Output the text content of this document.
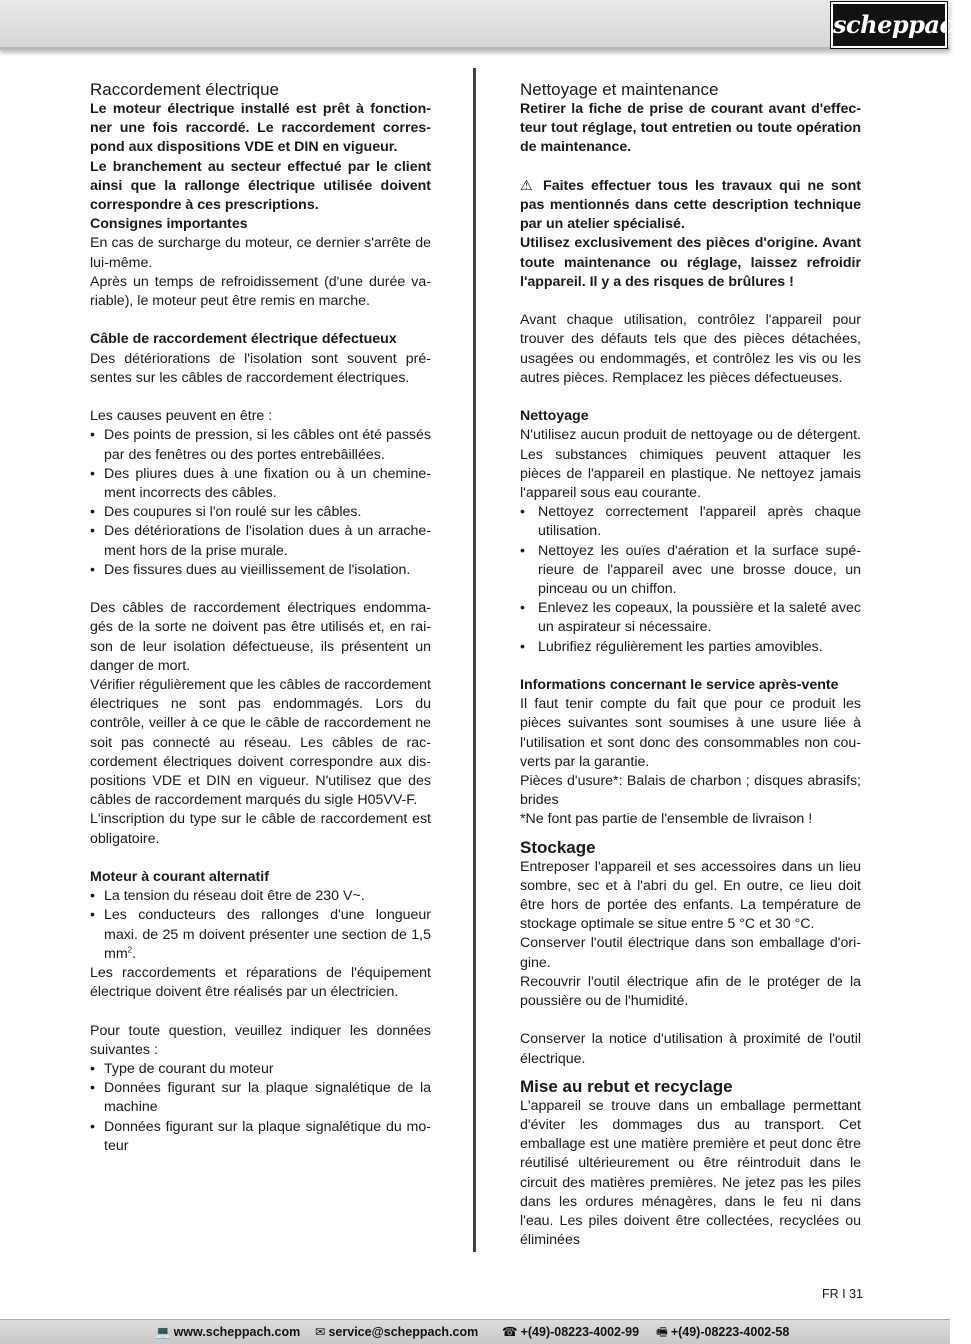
scheppach
Raccordement électrique

Le moteur électrique installé est prêt à fonctionner une fois raccordé. Le raccordement correspond aux dispositions VDE et DIN en vigueur.

Le branchement au secteur effectué par le client ainsi que la rallonge électrique utilisée doivent correspondre à ces prescriptions.

Consignes importantes

En cas de surcharge du moteur, ce dernier s'arrête de lui-même.

Après un temps de refroidissement (d'une durée variable), le moteur peut être remis en marche.

Câble de raccordement électrique défectueux

Des détériorations de l'isolation sont souvent présentes sur les câbles de raccordement électriques.

Les causes peuvent en être :

• Des points de pression, si les câbles ont été passés par des fenêtres ou des portes entrebâillées.
• Des pliures dues à une fixation ou à un cheminement incorrects des câbles.
• Des coupures si l'on roulé sur les câbles.
• Des détériorations de l'isolation dues à un arrachement hors de la prise murale.
• Des fissures dues au vieillissement de l'isolation.

Des câbles de raccordement électriques endommagés de la sorte ne doivent pas être utilisés et, en raison de leur isolation défectueuse, ils présentent un danger de mort.

Vérifier régulièrement que les câbles de raccordement électriques ne sont pas endommagés. Lors du contrôle, veiller à ce que le câble de raccordement ne soit pas connecté au réseau. Les câbles de raccordement électriques doivent correspondre aux dispositions VDE et DIN en vigueur. N'utilisez que des câbles de raccordement marqués du sigle H05VV-F.

L'inscription du type sur le câble de raccordement est obligatoire.

Moteur à courant alternatif

• La tension du réseau doit être de 230 V~.
• Les conducteurs des rallonges d'une longueur maxi. de 25 m doivent présenter une section de 1,5 $mm^2$.

Les raccordements et réparations de l'équipement électrique doivent être réalisés par un électricien.

Pour toute question, veuillez indiquer les données suivantes :

• Type de courant du moteur
• Données figurant sur la plaque signalétique de la machine
• Données figurant sur la plaque signalétique du moteur
Nettoyage et maintenance

Retirer la fiche de prise de courant avant d'effecteur tout réglage, tout entretien ou toute opération de maintenance.

⚠ Faites effectuer tous les travaux qui ne sont pas mentionnés dans cette description technique par un atelier spécialisé.

Utilisez exclusivement des pièces d'origine. Avant toute maintenance ou réglage, laissez refroidir l'appareil. Il y a des risques de brûlures !

Avant chaque utilisation, contrôlez l'appareil pour trouver des défauts tels que des pièces détachées, usagées ou endommagés, et contrôlez les vis ou les autres pièces. Remplacez les pièces défectueuses.

Nettoyage

N'utilisez aucun produit de nettoyage ou de détergent. Les substances chimiques peuvent attaquer les pièces de l'appareil en plastique. Ne nettoyez jamais l'appareil sous eau courante.

• Nettoyez correctement l'appareil après chaque utilisation.
• Nettoyez les ouïes d'aération et la surface supérieure de l'appareil avec une brosse douce, un pinceau ou un chiffon.
• Enlevez les copeaux, la poussière et la saleté avec un aspirateur si nécessaire.
• Lubrifiez régulièrement les parties amovibles.

Informations concernant le service après-vente

Il faut tenir compte du fait que pour ce produit les pièces suivantes sont soumises à une usure liée à l'utilisation et sont donc des consommables non couverts par la garantie.

Pièces d'usure*: Balais de charbon ; disques abrasifs; brides

*Ne font pas partie de l'ensemble de livraison !

Stockage

Entreposer l'appareil et ses accessoires dans un lieu sombre, sec et à l'abri du gel. En outre, ce lieu doit être hors de portée des enfants. La température de stockage optimale se situe entre 5 °C et 30 °C.

Conserver l'outil électrique dans son emballage d'origine.

Recouvrir l'outil électrique afin de le protéger de la poussière ou de l'humidité.

Conserver la notice d'utilisation à proximité de l'outil électrique.

Mise au rebut et recyclage

L'appareil se trouve dans un emballage permettant d'éviter les dommages dus au transport. Cet emballage est une matière première et peut donc être réutilisé ultérieurement ou être réintroduit dans le circuit des matières premières. Ne jetez pas les piles dans les ordures ménagères, dans le feu ni dans l'eau. Les piles doivent être collectées, recyclées ou éliminées

FR I 31
💻 www.scheppach.com ✉ service@scheppach.com ☎ +(49)-08223-4002-99 🖷 +(49)-08223-4002-58
